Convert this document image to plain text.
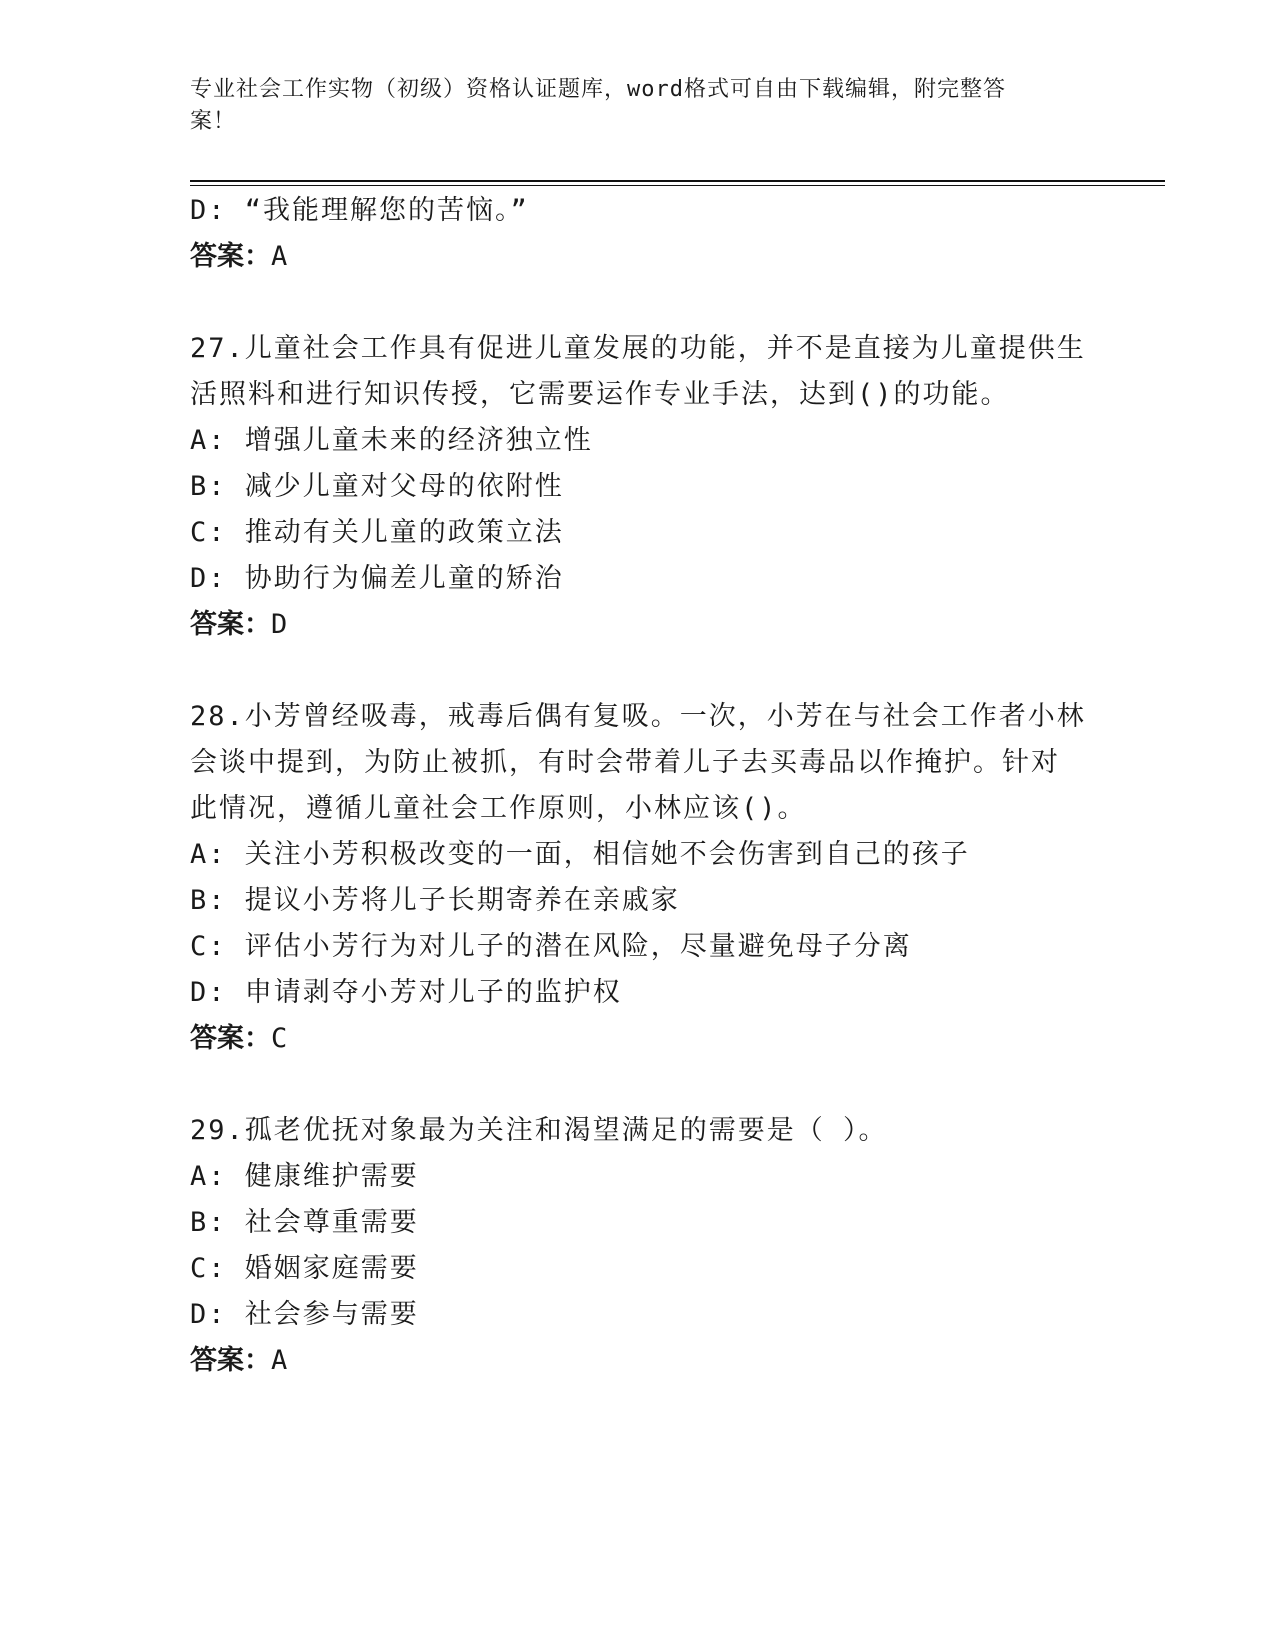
专业社会工作实物（初级）资格认证题库，word格式可自由下载编辑，附完整答
案！
D: “我能理解您的苦恼。”
答案：A
27.儿童社会工作具有促进儿童发展的功能，并不是直接为儿童提供生
活照料和进行知识传授，它需要运作专业手法，达到()的功能。
A: 增强儿童未来的经济独立性
B: 减少儿童对父母的依附性
C: 推动有关儿童的政策立法
D: 协助行为偏差儿童的矫治
答案：D
28.小芳曾经吸毒，戒毒后偶有复吸。一次，小芳在与社会工作者小林
会谈中提到，为防止被抓，有时会带着儿子去买毒品以作掩护。针对
此情况，遵循儿童社会工作原则，小林应该()。
A: 关注小芳积极改变的一面，相信她不会伤害到自己的孩子
B: 提议小芳将儿子长期寄养在亲戚家
C: 评估小芳行为对儿子的潜在风险，尽量避免母子分离
D: 申请剥夺小芳对儿子的监护权
答案：C
29.孤老优抚对象最为关注和渴望满足的需要是（ ）。
A: 健康维护需要
B: 社会尊重需要
C: 婚姻家庭需要
D: 社会参与需要
答案：A
